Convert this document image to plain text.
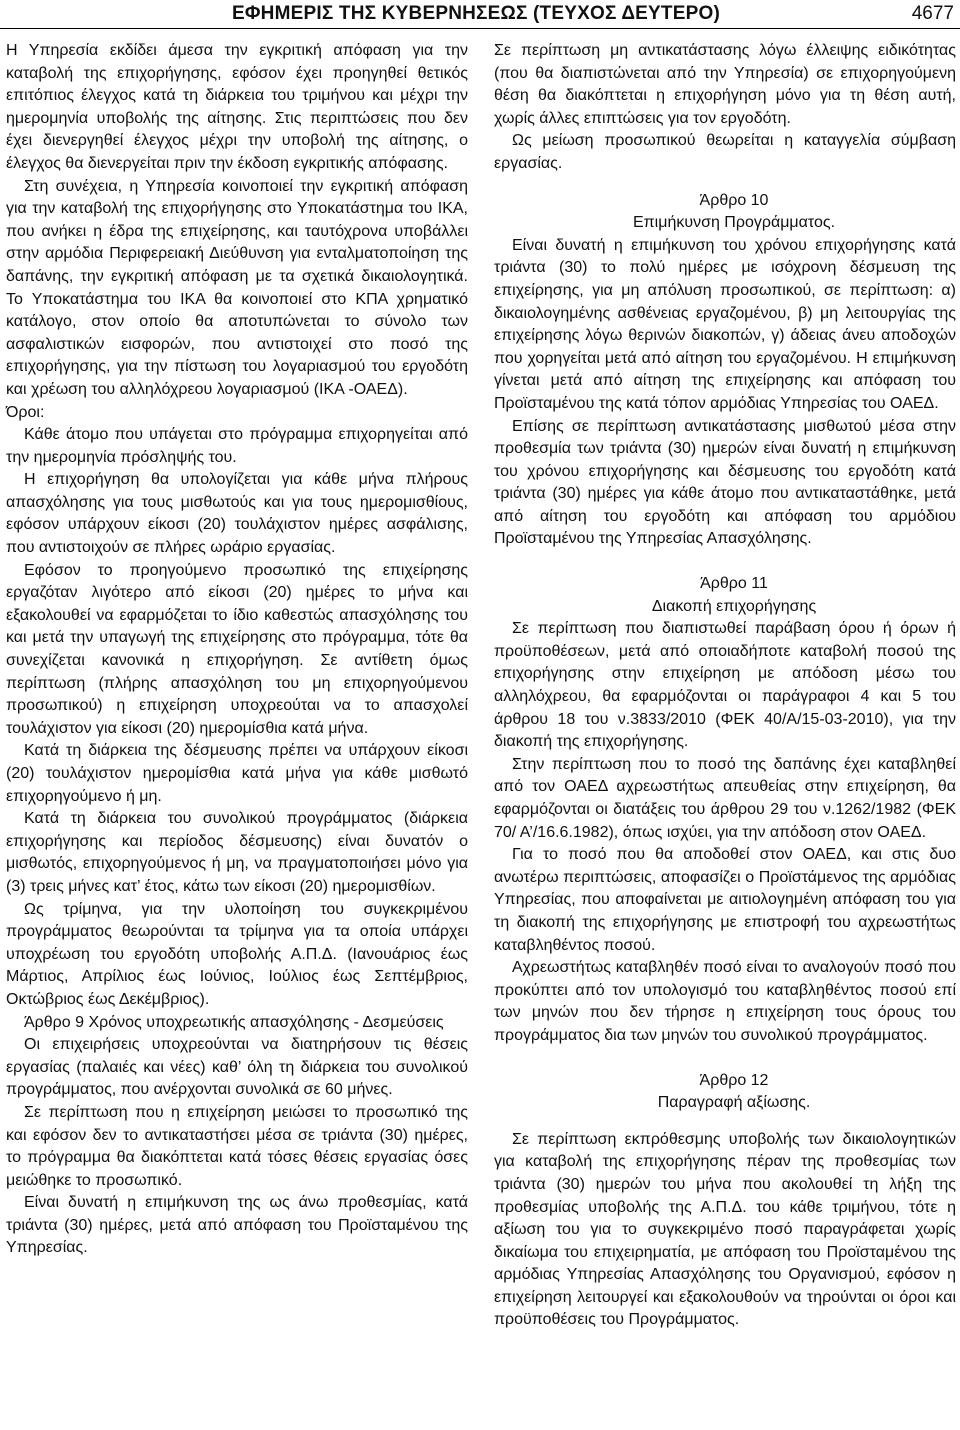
ΕΦΗΜΕΡΙΣ ΤΗΣ ΚΥΒΕΡΝΗΣΕΩΣ (ΤΕΥΧΟΣ ΔΕΥΤΕΡΟ)	4677

Η Υπηρεσία εκδίδει άμεσα την εγκριτική απόφαση για την καταβολή της επιχορήγησης, εφόσον έχει προηγηθεί θετικός επιτόπιος έλεγχος κατά τη διάρκεια του τριμήνου και μέχρι την ημερομηνία υποβολής της αίτησης. Στις περιπτώσεις που δεν έχει διενεργηθεί έλεγχος μέχρι την υποβολή της αίτησης, ο έλεγχος θα διενεργείται πριν την έκδοση εγκριτικής απόφασης.

Στη συνέχεια, η Υπηρεσία κοινοποιεί την εγκριτική απόφαση για την καταβολή της επιχορήγησης στο Υποκατάστημα του ΙΚΑ, που ανήκει η έδρα της επιχείρησης, και ταυτόχρονα υποβάλλει στην αρμόδια Περιφερειακή Διεύθυνση για ενταλματοποίηση της δαπάνης, την εγκριτική απόφαση με τα σχετικά δικαιολογητικά. Το Υποκατάστημα του ΙΚΑ θα κοινοποιεί στο ΚΠΑ χρηματικό κατάλογο, στον οποίο θα αποτυπώνεται το σύνολο των ασφαλιστικών εισφορών, που αντιστοιχεί στο ποσό της επιχορήγησης, για την πίστωση του λογαριασμού του εργοδότη και χρέωση του αλληλόχρεου λογαριασμού (ΙΚΑ -ΟΑΕΔ).

Όροι:

Κάθε άτομο που υπάγεται στο πρόγραμμα επιχορηγείται από την ημερομηνία πρόσληψής του.

Η επιχορήγηση θα υπολογίζεται για κάθε μήνα πλήρους απασχόλησης για τους μισθωτούς και για τους ημερομισθίους, εφόσον υπάρχουν είκοσι (20) τουλάχιστον ημέρες ασφάλισης, που αντιστοιχούν σε πλήρες ωράριο εργασίας.

Εφόσον το προηγούμενο προσωπικό της επιχείρησης εργαζόταν λιγότερο από είκοσι (20) ημέρες το μήνα και εξακολουθεί να εφαρμόζεται το ίδιο καθεστώς απασχόλησης του και μετά την υπαγωγή της επιχείρησης στο πρόγραμμα, τότε θα συνεχίζεται κανονικά η επιχορήγηση. Σε αντίθετη όμως περίπτωση (πλήρης απασχόληση του μη επιχορηγούμενου προσωπικού) η επιχείρηση υποχρεούται να το απασχολεί τουλάχιστον για είκοσι (20) ημερομίσθια κατά μήνα.

Κατά τη διάρκεια της δέσμευσης πρέπει να υπάρχουν είκοσι (20) τουλάχιστον ημερομίσθια κατά μήνα για κάθε μισθωτό επιχορηγούμενο ή μη.

Κατά τη διάρκεια του συνολικού προγράμματος (διάρκεια επιχορήγησης και περίοδος δέσμευσης) είναι δυνατόν ο μισθωτός, επιχορηγούμενος ή μη, να πραγματοποιήσει μόνο για (3) τρεις μήνες κατ’ έτος, κάτω των είκοσι (20) ημερομισθίων.

Ως τρίμηνα, για την υλοποίηση του συγκεκριμένου προγράμματος θεωρούνται τα τρίμηνα για τα οποία υπάρχει υποχρέωση του εργοδότη υποβολής Α.Π.Δ. (Ιανουάριος έως Μάρτιος, Απρίλιος έως Ιούνιος, Ιούλιος έως Σεπτέμβριος, Οκτώβριος έως Δεκέμβριος).

Άρθρο 9 Χρόνος υποχρεωτικής απασχόλησης - Δεσμεύσεις

Οι επιχειρήσεις υποχρεούνται να διατηρήσουν τις θέσεις εργασίας (παλαιές και νέες) καθ’ όλη τη διάρκεια του συνολικού προγράμματος, που ανέρχονται συνολικά σε 60 μήνες.

Σε περίπτωση που η επιχείρηση μειώσει το προσωπικό της και εφόσον δεν το αντικαταστήσει μέσα σε τριάντα (30) ημέρες, το πρόγραμμα θα διακόπτεται κατά τόσες θέσεις εργασίας όσες μειώθηκε το προσωπικό.

Είναι δυνατή η επιμήκυνση της ως άνω προθεσμίας, κατά τριάντα (30) ημέρες, μετά από απόφαση του Προϊσταμένου της Υπηρεσίας.

Σε περίπτωση μη αντικατάστασης λόγω έλλειψης ειδικότητας (που θα διαπιστώνεται από την Υπηρεσία) σε επιχορηγούμενη θέση θα διακόπτεται η επιχορήγηση μόνο για τη θέση αυτή, χωρίς άλλες επιπτώσεις για τον εργοδότη.

Ως μείωση προσωπικού θεωρείται η καταγγελία σύμβαση εργασίας.

Άρθρο 10

Επιμήκυνση Προγράμματος.

Είναι δυνατή η επιμήκυνση του χρόνου επιχορήγησης κατά τριάντα (30) το πολύ ημέρες με ισόχρονη δέσμευση της επιχείρησης, για μη απόλυση προσωπικού, σε περίπτωση: α) δικαιολογημένης ασθένειας εργαζομένου, β) μη λειτουργίας της επιχείρησης λόγω θερινών διακοπών, γ) άδειας άνευ αποδοχών που χορηγείται μετά από αίτηση του εργαζομένου. Η επιμήκυνση γίνεται μετά από αίτηση της επιχείρησης και απόφαση του Προϊσταμένου της κατά τόπον αρμόδιας Υπηρεσίας του ΟΑΕΔ.

Επίσης σε περίπτωση αντικατάστασης μισθωτού μέσα στην προθεσμία των τριάντα (30) ημερών είναι δυνατή η επιμήκυνση του χρόνου επιχορήγησης και δέσμευσης του εργοδότη κατά τριάντα (30) ημέρες για κάθε άτομο που αντικαταστάθηκε, μετά από αίτηση του εργοδότη και απόφαση του αρμόδιου Προϊσταμένου της Υπηρεσίας Απασχόλησης.

Άρθρο 11

Διακοπή επιχορήγησης

Σε περίπτωση που διαπιστωθεί παράβαση όρου ή όρων ή προϋποθέσεων, μετά από οποιαδήποτε καταβολή ποσού της επιχορήγησης στην επιχείρηση με απόδοση μέσω του αλληλόχρεου, θα εφαρμόζονται οι παράγραφοι 4 και 5 του άρθρου 18 του ν.3833/2010 (ΦΕΚ 40/Α/15-03-2010), για την διακοπή της επιχορήγησης.

Στην περίπτωση που το ποσό της δαπάνης έχει καταβληθεί από τον ΟΑΕΔ αχρεωστήτως απευθείας στην επιχείρηση, θα εφαρμόζονται οι διατάξεις του άρθρου 29 του ν.1262/1982 (ΦΕΚ 70/ Α’/16.6.1982), όπως ισχύει, για την απόδοση στον ΟΑΕΔ.

Για το ποσό που θα αποδοθεί στον ΟΑΕΔ, και στις δυο ανωτέρω περιπτώσεις, αποφασίζει ο Προϊστάμενος της αρμόδιας Υπηρεσίας, που αποφαίνεται με αιτιολογημένη απόφαση του για τη διακοπή της επιχορήγησης με επιστροφή του αχρεωστήτως καταβληθέντος ποσού.

Αχρεωστήτως καταβληθέν ποσό είναι το αναλογούν ποσό που προκύπτει από τον υπολογισμό του καταβληθέντος ποσού επί των μηνών που δεν τήρησε η επιχείρηση τους όρους του προγράμματος δια των μηνών του συνολικού προγράμματος.

Άρθρο 12

Παραγραφή αξίωσης.

Σε περίπτωση εκπρόθεσμης υποβολής των δικαιολογητικών για καταβολή της επιχορήγησης πέραν της προθεσμίας των τριάντα (30) ημερών του μήνα που ακολουθεί τη λήξη της προθεσμίας υποβολής της Α.Π.Δ. του κάθε τριμήνου, τότε η αξίωση του για το συγκεκριμένο ποσό παραγράφεται χωρίς δικαίωμα του επιχειρηματία, με απόφαση του Προϊσταμένου της αρμόδιας Υπηρεσίας Απασχόλησης του Οργανισμού, εφόσον η επιχείρηση λειτουργεί και εξακολουθούν να τηρούνται οι όροι και προϋποθέσεις του Προγράμματος.
